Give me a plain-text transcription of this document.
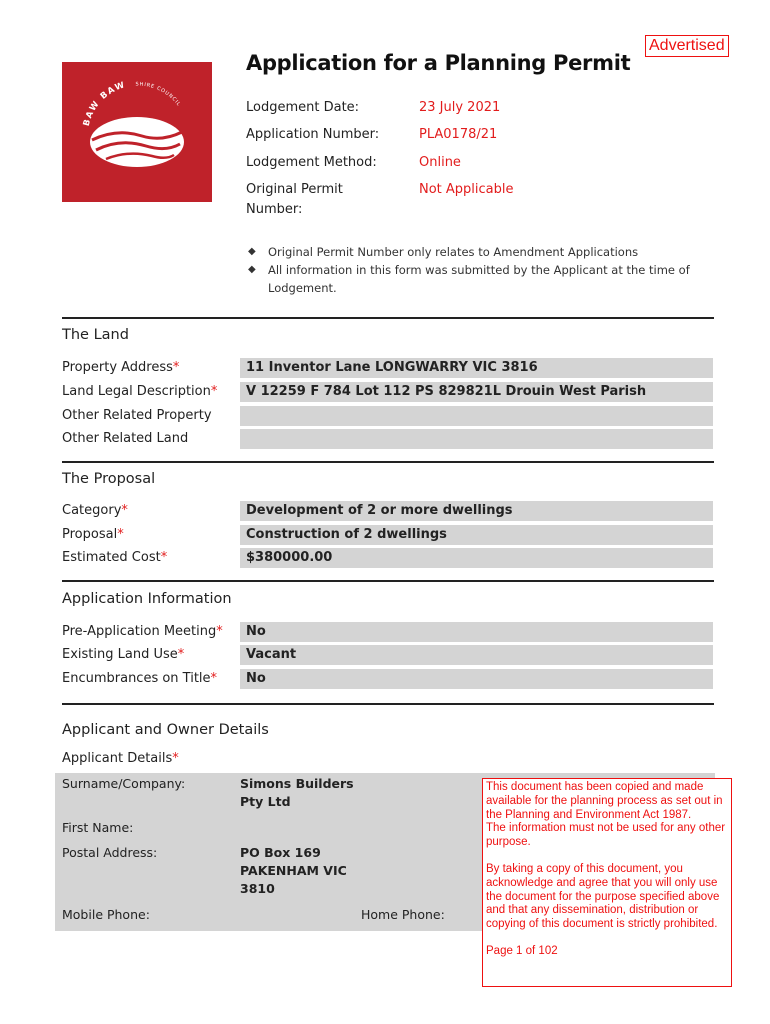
Advertised
BAW BAW SHIRE COUNCIL
Application for a Planning Permit
Lodgement Date:	23 July 2021
Application Number:	PLA0178/21
Lodgement Method:	Online
Original Permit
Number:
Not Applicable
◆ Original Permit Number only relates to Amendment Applications
◆ All information in this form was submitted by the Applicant at the time of Lodgement.
The Land
Property Address*	11 Inventor Lane LONGWARRY VIC 3816
Land Legal Description*	V 12259 F 784 Lot 112 PS 829821L Drouin West Parish
Other Related Property
Other Related Land
The Proposal
Category*	Development of 2 or more dwellings
Proposal*	Construction of 2 dwellings
Estimated Cost*	$380000.00
Application Information
Pre-Application Meeting*	No
Existing Land Use*	Vacant
Encumbrances on Title*	No
Applicant and Owner Details
Applicant Details*
Surname/Company:	Simons Builders
Pty Ltd
First Name:
Postal Address:	PO Box 169
PAKENHAM VIC
3810
Mobile Phone:	Home Phone:

This document has been copied and made available for the planning process as set out in the Planning and Environment Act 1987.

The information must not be used for any other purpose.

By taking a copy of this document, you acknowledge and agree that you will only use the document for the purpose specified above and that any dissemination, distribution or copying of this document is strictly prohibited.

Page 1 of 102
